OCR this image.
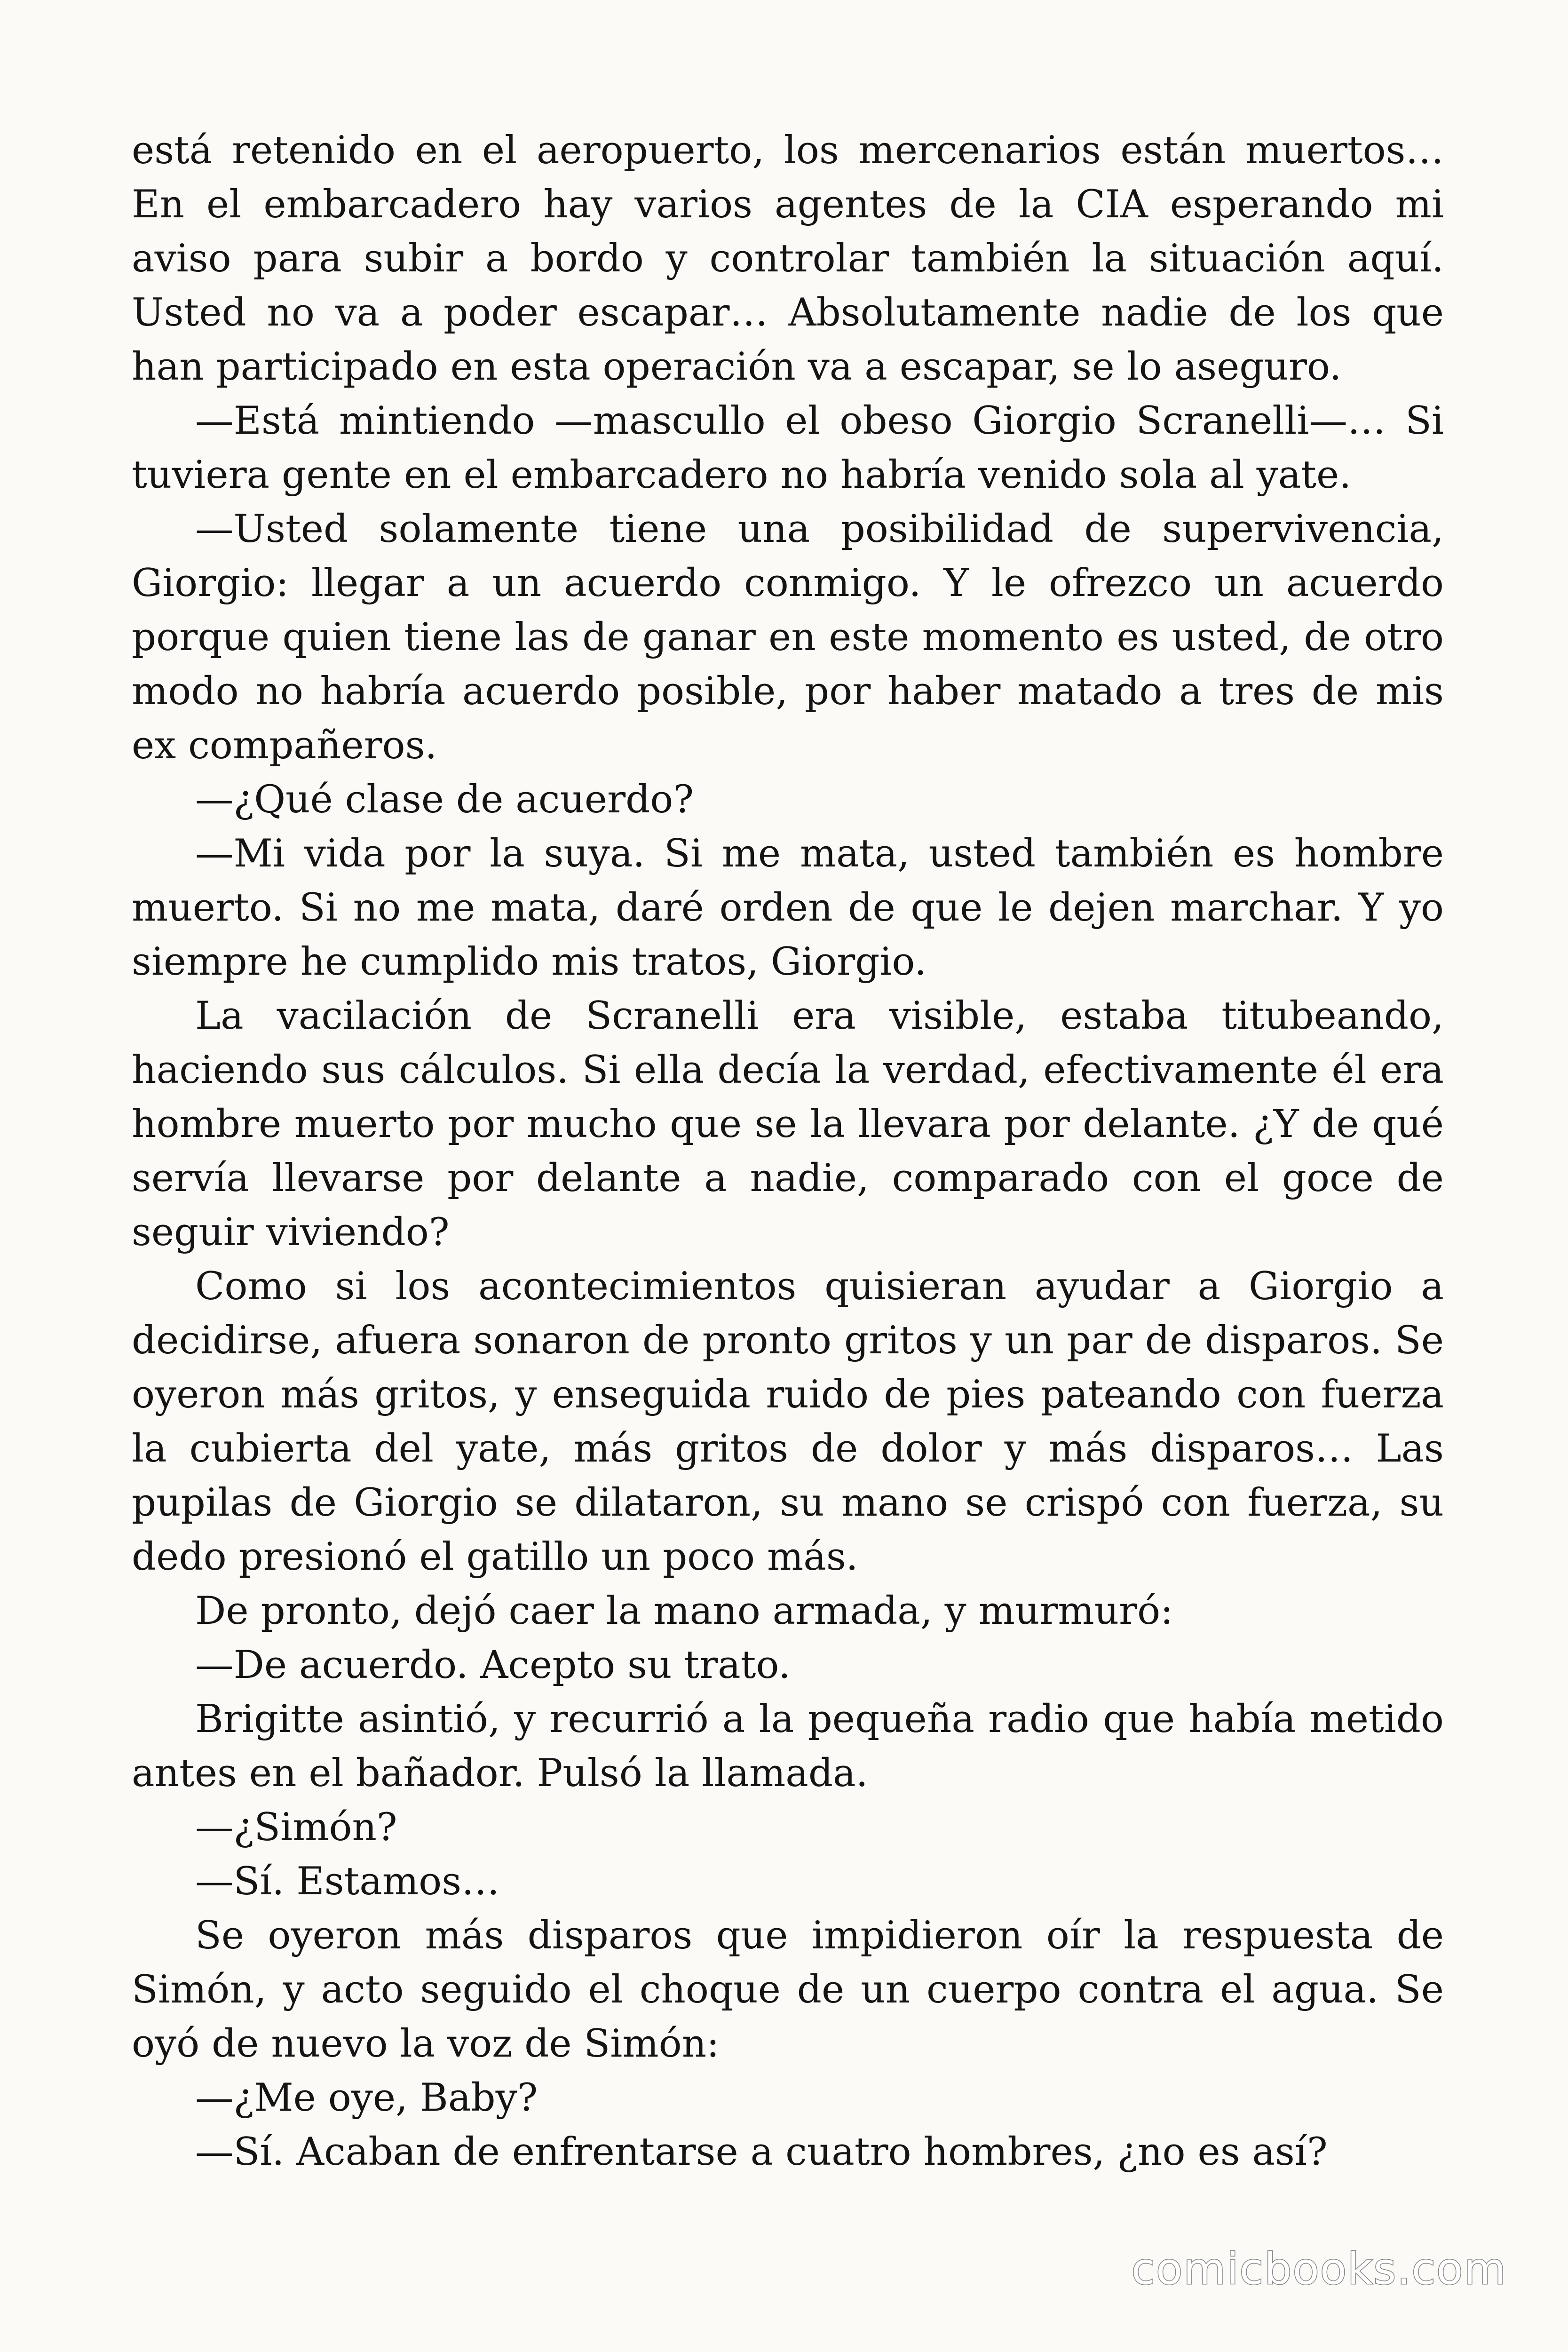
está retenido en el aeropuerto, los mercenarios están muertos… En el embarcadero hay varios agentes de la CIA esperando mi aviso para subir a bordo y controlar también la situación aquí. Usted no va a poder escapar… Absolutamente nadie de los que han participado en esta operación va a escapar, se lo aseguro.

—Está mintiendo —mascullo el obeso Giorgio Scranelli—… Si tuviera gente en el embarcadero no habría venido sola al yate.

—Usted solamente tiene una posibilidad de supervivencia, Giorgio: llegar a un acuerdo conmigo. Y le ofrezco un acuerdo porque quien tiene las de ganar en este momento es usted, de otro modo no habría acuerdo posible, por haber matado a tres de mis ex compañeros.

—¿Qué clase de acuerdo?

—Mi vida por la suya. Si me mata, usted también es hombre muerto. Si no me mata, daré orden de que le dejen marchar. Y yo siempre he cumplido mis tratos, Giorgio.

La vacilación de Scranelli era visible, estaba titubeando, haciendo sus cálculos. Si ella decía la verdad, efectivamente él era hombre muerto por mucho que se la llevara por delante. ¿Y de qué servía llevarse por delante a nadie, comparado con el goce de seguir viviendo?

Como si los acontecimientos quisieran ayudar a Giorgio a decidirse, afuera sonaron de pronto gritos y un par de disparos. Se oyeron más gritos, y enseguida ruido de pies pateando con fuerza la cubierta del yate, más gritos de dolor y más disparos… Las pupilas de Giorgio se dilataron, su mano se crispó con fuerza, su dedo presionó el gatillo un poco más.

De pronto, dejó caer la mano armada, y murmuró:

—De acuerdo. Acepto su trato.

Brigitte asintió, y recurrió a la pequeña radio que había metido antes en el bañador. Pulsó la llamada.

—¿Simón?

—Sí. Estamos…

Se oyeron más disparos que impidieron oír la respuesta de Simón, y acto seguido el choque de un cuerpo contra el agua. Se oyó de nuevo la voz de Simón:

—¿Me oye, Baby?

—Sí. Acaban de enfrentarse a cuatro hombres, ¿no es así?

comicbooks.com
